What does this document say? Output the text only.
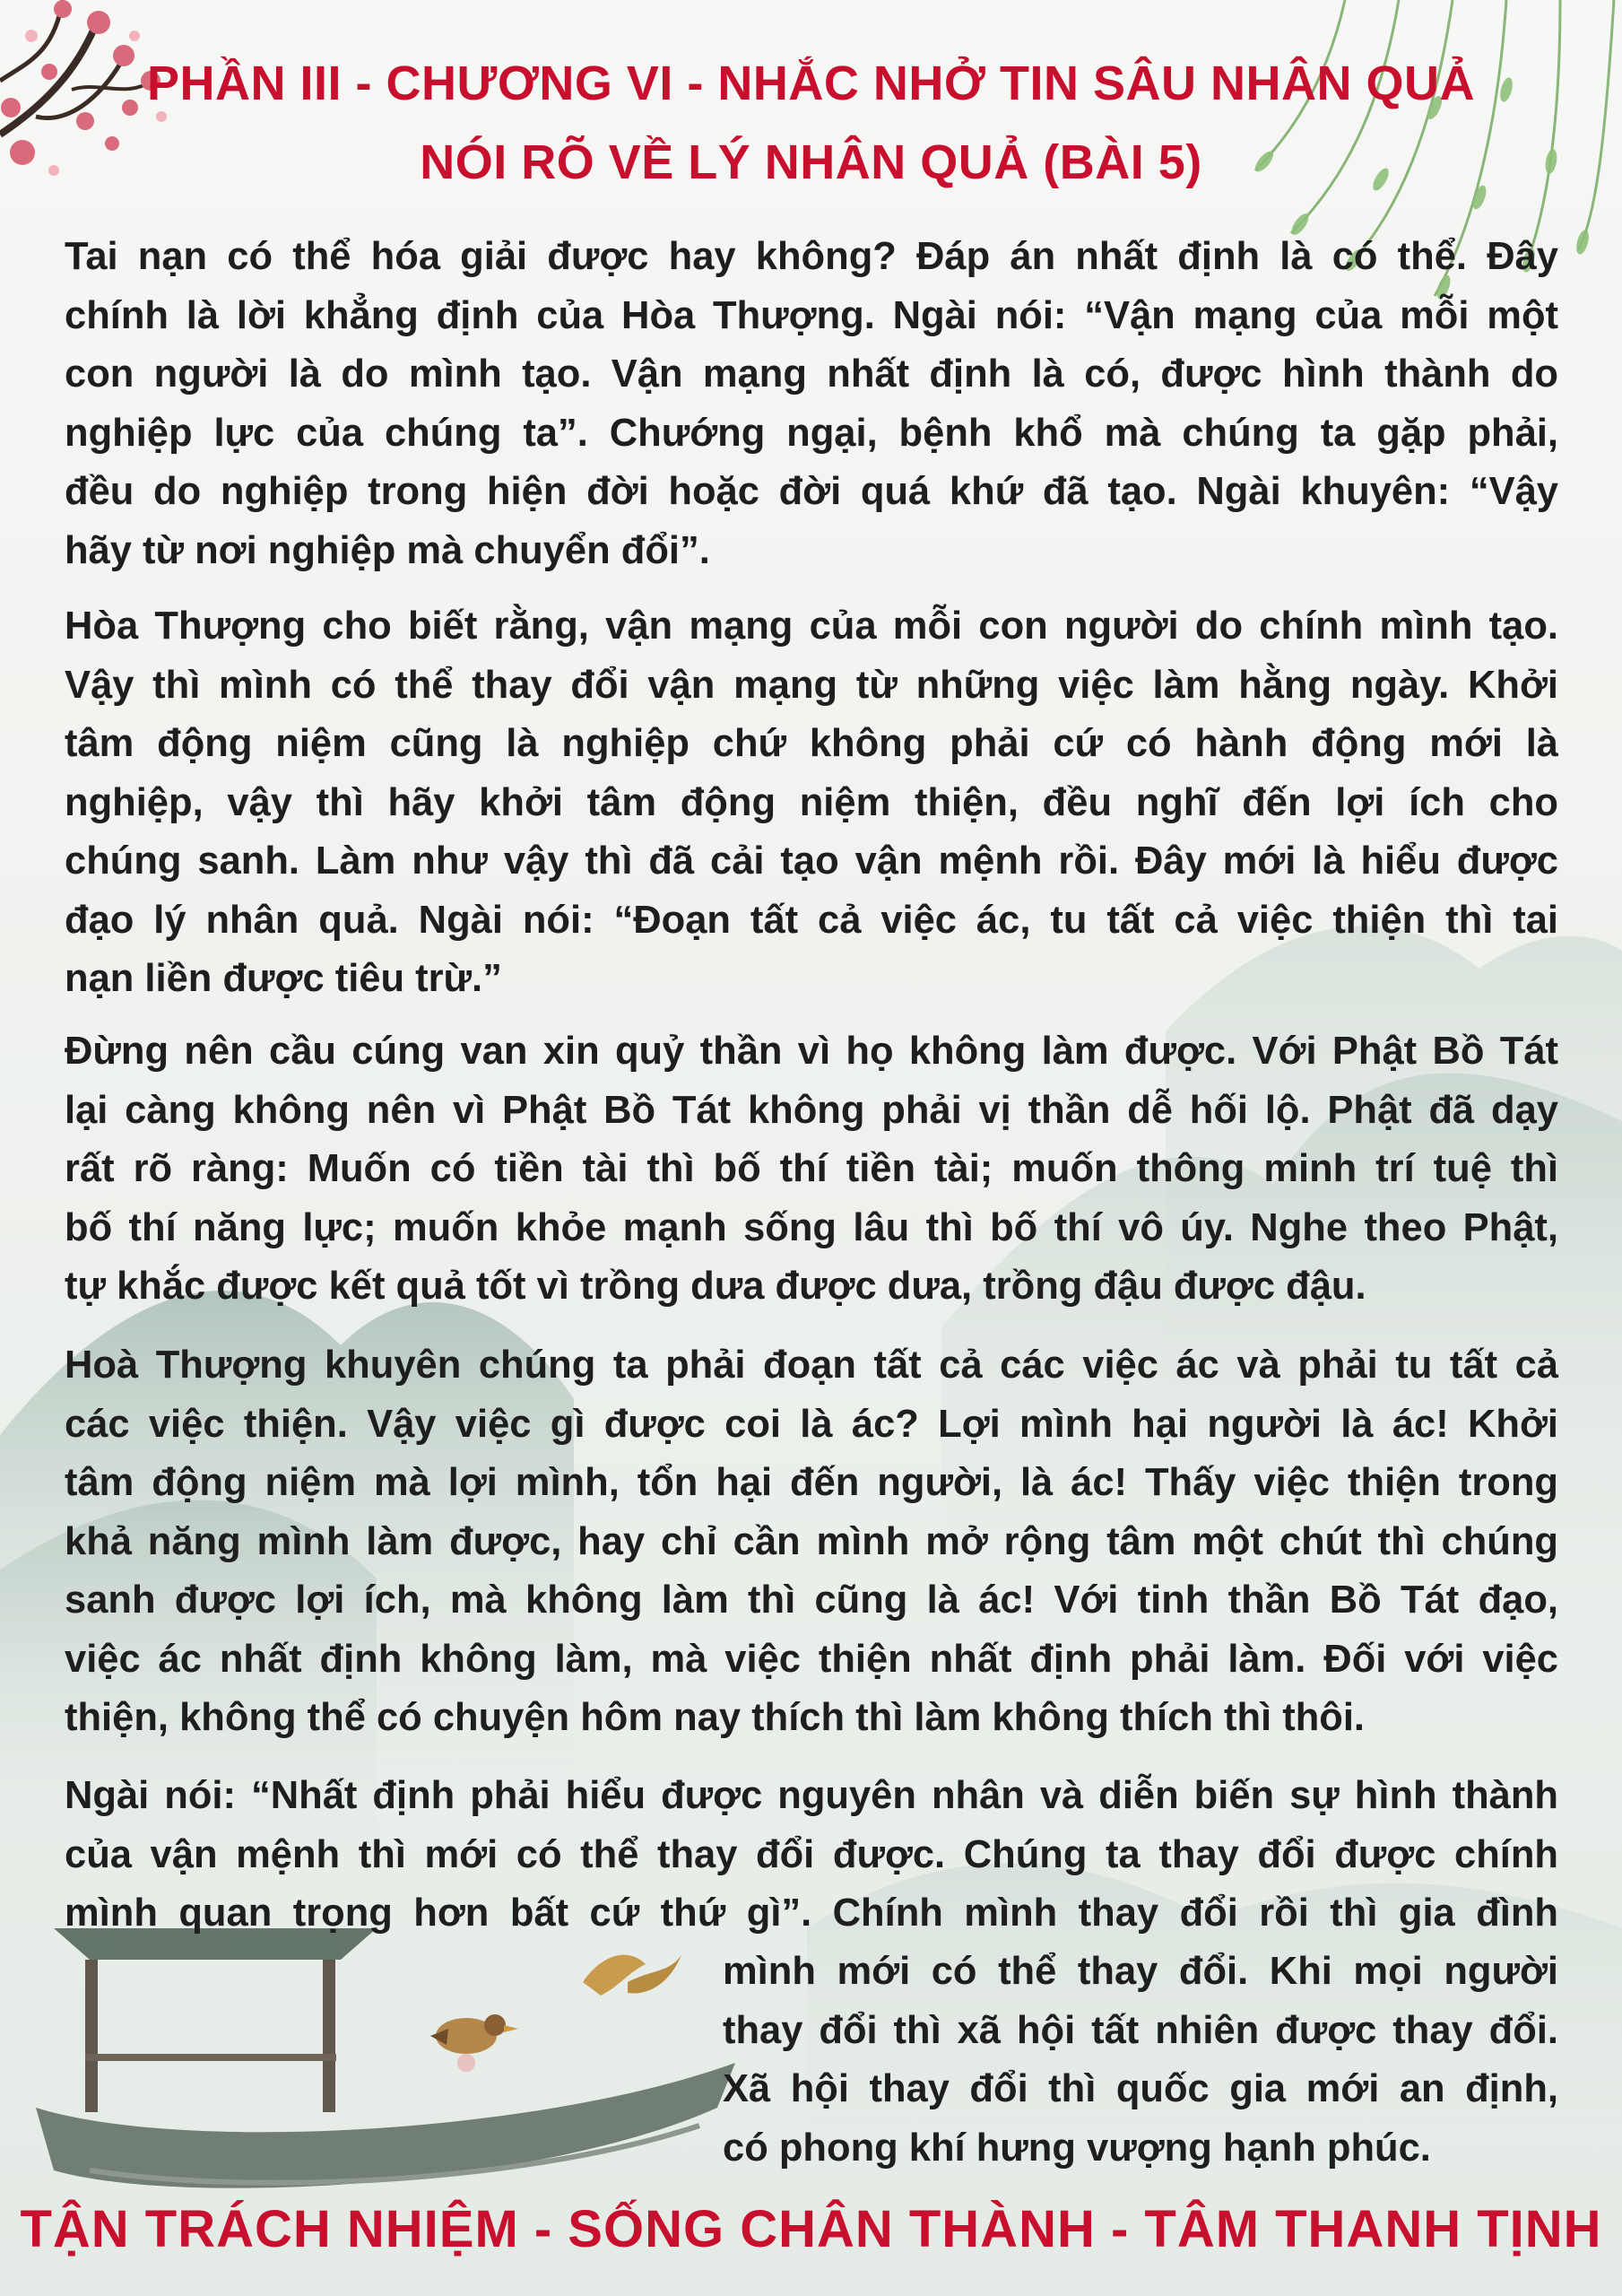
PHẦN III - CHƯƠNG VI - NHẮC NHỞ TIN SÂU NHÂN QUẢ
NÓI RÕ VỀ LÝ NHÂN QUẢ (BÀI 5)
Tai nạn có thể hóa giải được hay không? Đáp án nhất định là có thể. Đây
chính là lời khẳng định của Hòa Thượng. Ngài nói: “Vận mạng của mỗi một
con người là do mình tạo. Vận mạng nhất định là có, được hình thành do
nghiệp lực của chúng ta”. Chướng ngại, bệnh khổ mà chúng ta gặp phải,
đều do nghiệp trong hiện đời hoặc đời quá khứ đã tạo. Ngài khuyên: “Vậy
hãy từ nơi nghiệp mà chuyển đổi”.
Hòa Thượng cho biết rằng, vận mạng của mỗi con người do chính mình tạo.
Vậy thì mình có thể thay đổi vận mạng từ những việc làm hằng ngày. Khởi
tâm động niệm cũng là nghiệp chứ không phải cứ có hành động mới là
nghiệp, vậy thì hãy khởi tâm động niệm thiện, đều nghĩ đến lợi ích cho
chúng sanh. Làm như vậy thì đã cải tạo vận mệnh rồi. Đây mới là hiểu được
đạo lý nhân quả. Ngài nói: “Đoạn tất cả việc ác, tu tất cả việc thiện thì tai
nạn liền được tiêu trừ.”
Đừng nên cầu cúng van xin quỷ thần vì họ không làm được. Với Phật Bồ Tát
lại càng không nên vì Phật Bồ Tát không phải vị thần dễ hối lộ. Phật đã dạy
rất rõ ràng: Muốn có tiền tài thì bố thí tiền tài; muốn thông minh trí tuệ thì
bố thí năng lực; muốn khỏe mạnh sống lâu thì bố thí vô úy. Nghe theo Phật,
tự khắc được kết quả tốt vì trồng dưa được dưa, trồng đậu được đậu.
Hoà Thượng khuyên chúng ta phải đoạn tất cả các việc ác và phải tu tất cả
các việc thiện. Vậy việc gì được coi là ác? Lợi mình hại người là ác! Khởi
tâm động niệm mà lợi mình, tổn hại đến người, là ác! Thấy việc thiện trong
khả năng mình làm được, hay chỉ cần mình mở rộng tâm một chút thì chúng
sanh được lợi ích, mà không làm thì cũng là ác! Với tinh thần Bồ Tát đạo,
việc ác nhất định không làm, mà việc thiện nhất định phải làm. Đối với việc
thiện, không thể có chuyện hôm nay thích thì làm không thích thì thôi.
Ngài nói: “Nhất định phải hiểu được nguyên nhân và diễn biến sự hình thành
của vận mệnh thì mới có thể thay đổi được. Chúng ta thay đổi được chính
mình quan trọng hơn bất cứ thứ gì”. Chính mình thay đổi rồi thì gia đình
mình mới có thể thay đổi. Khi mọi người
thay đổi thì xã hội tất nhiên được thay đổi.
Xã hội thay đổi thì quốc gia mới an định,
có phong khí hưng vượng hạnh phúc.
TẬN TRÁCH NHIỆM - SỐNG CHÂN THÀNH - TÂM THANH TỊNH
